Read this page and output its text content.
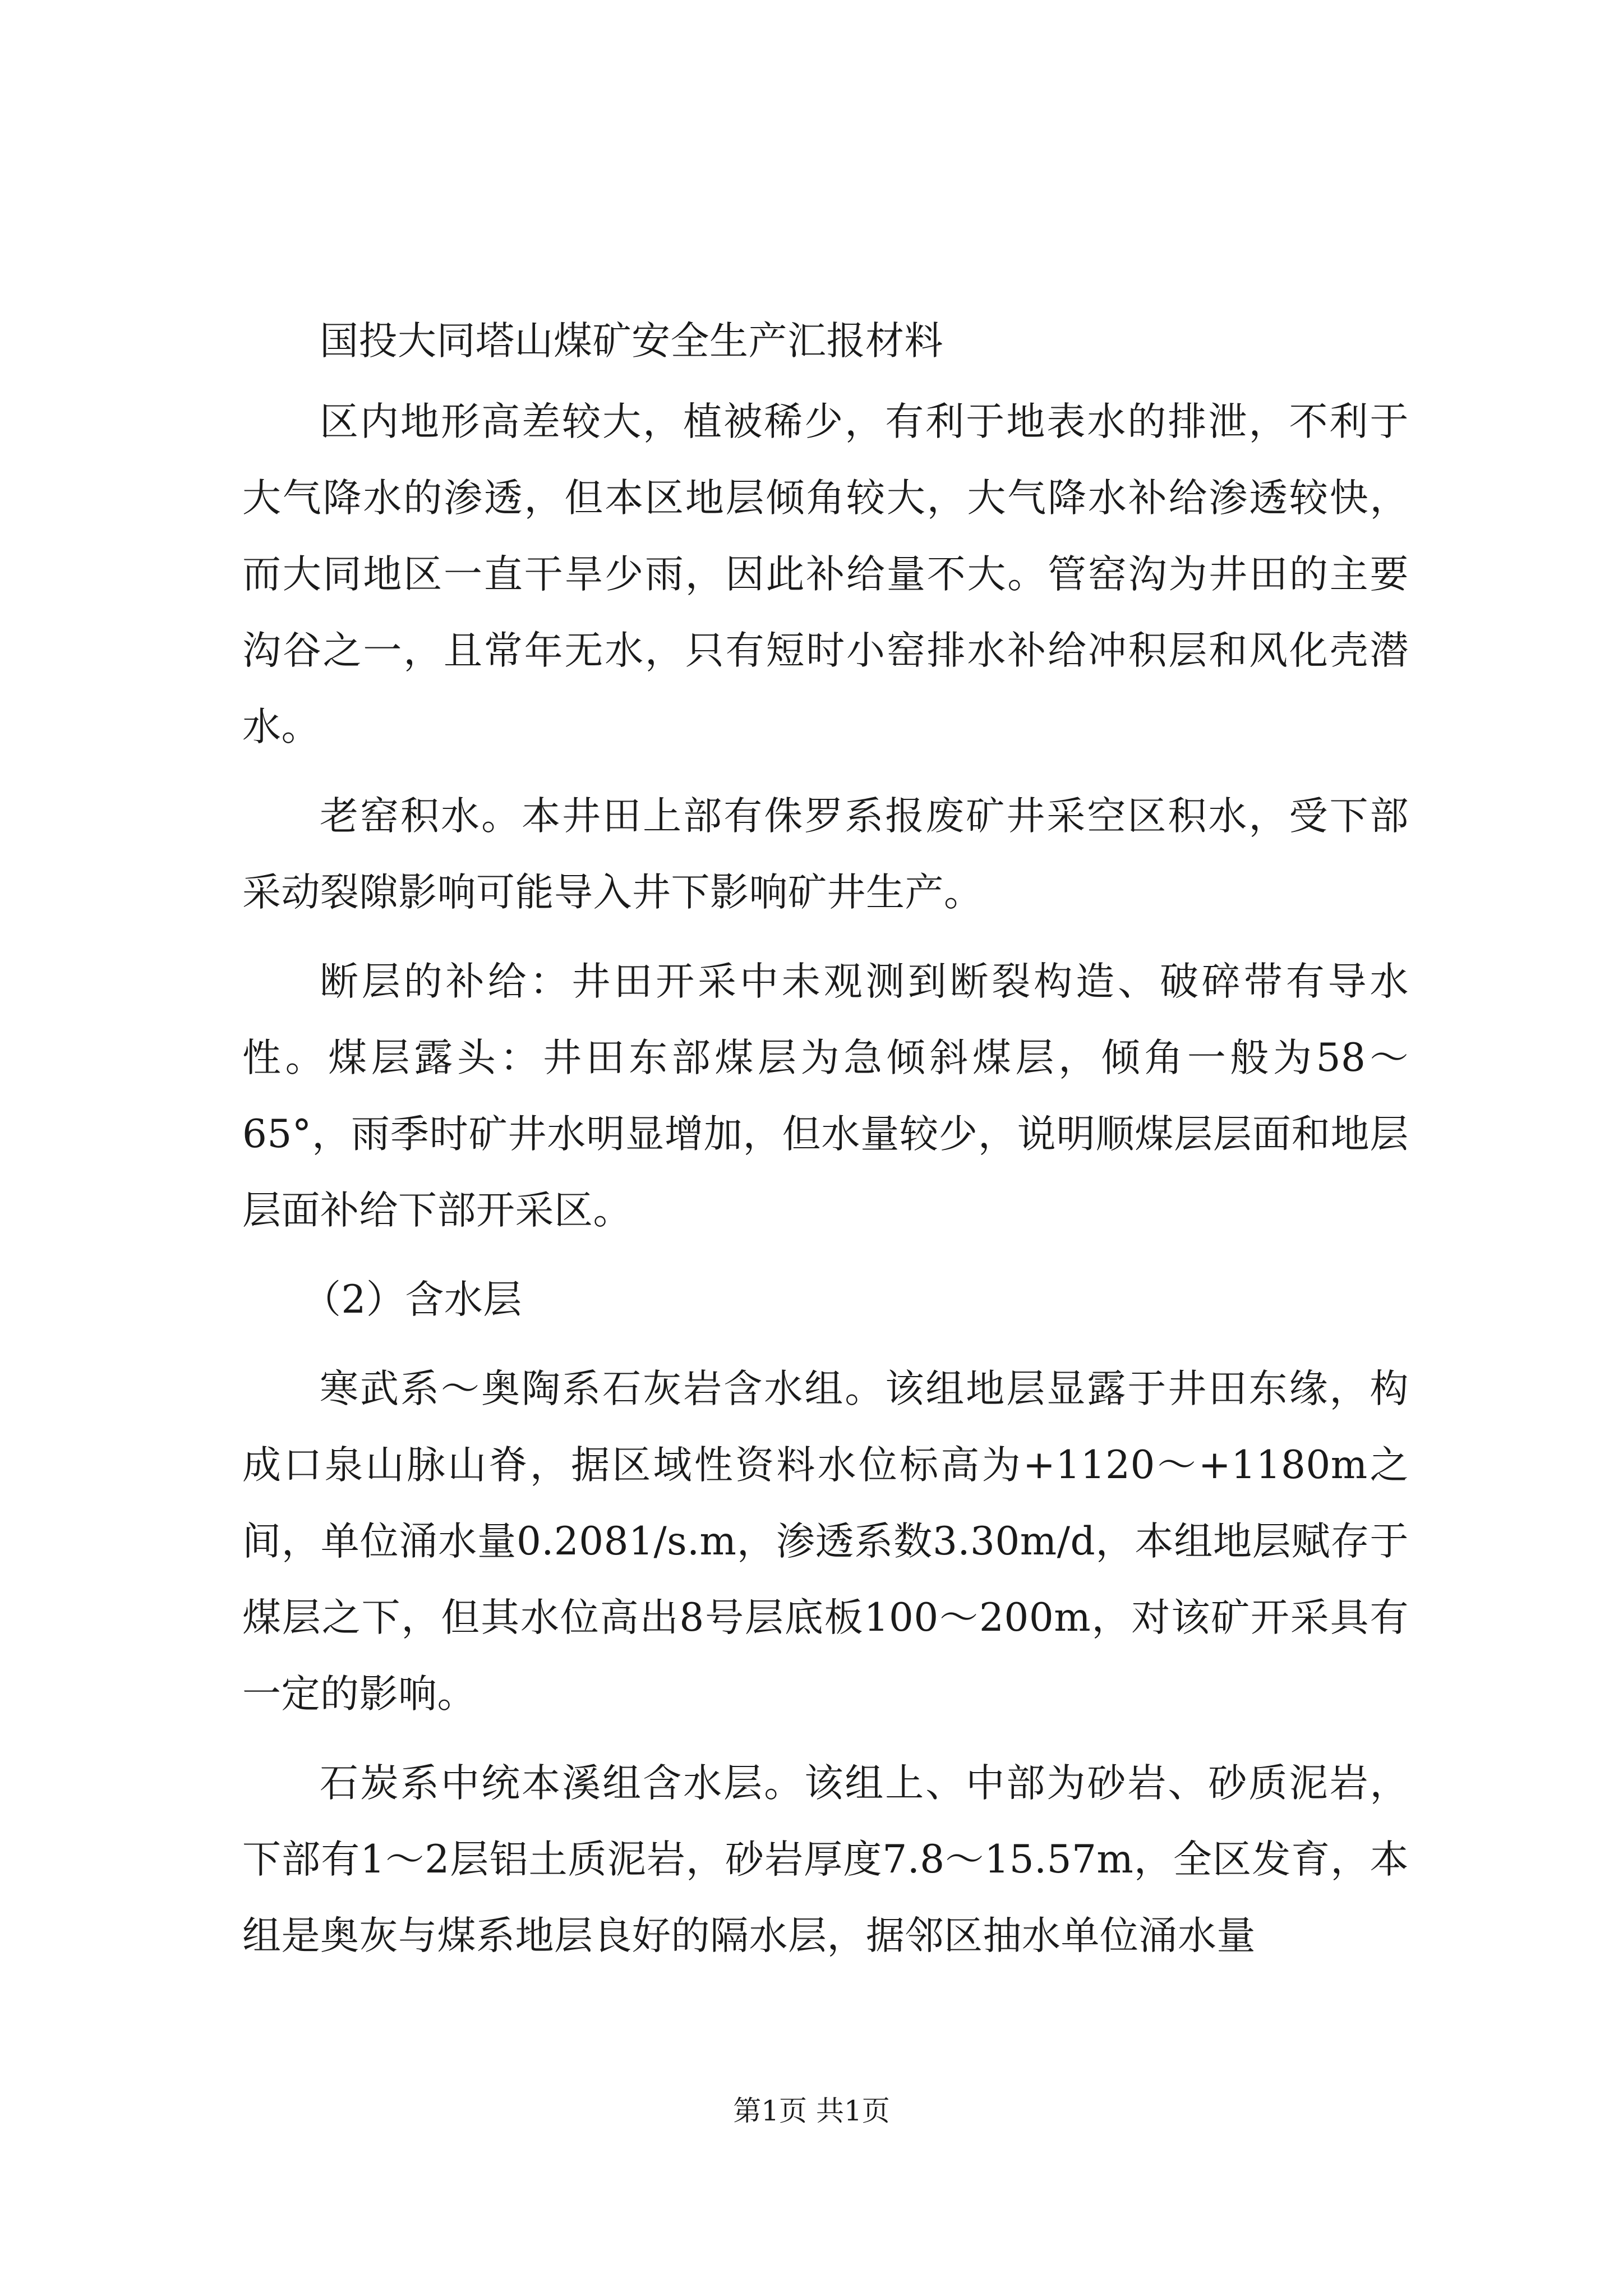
国投大同塔山煤矿安全生产汇报材料

区内地形高差较大，植被稀少，有利于地表水的排泄，不利于大气降水的渗透，但本区地层倾角较大，大气降水补给渗透较快，而大同地区一直干旱少雨，因此补给量不大。管窑沟为井田的主要沟谷之一，且常年无水，只有短时小窑排水补给冲积层和风化壳潜水。

老窑积水。本井田上部有侏罗系报废矿井采空区积水，受下部采动裂隙影响可能导入井下影响矿井生产。

断层的补给：井田开采中未观测到断裂构造、破碎带有导水性。煤层露头：井田东部煤层为急倾斜煤层，倾角一般为58～65°，雨季时矿井水明显增加，但水量较少，说明顺煤层层面和地层层面补给下部开采区。

（2）含水层

寒武系～奥陶系石灰岩含水组。该组地层显露于井田东缘，构成口泉山脉山脊，据区域性资料水位标高为+1120～+1180m之间，单位涌水量0.2081/s.m，渗透系数3.30m/d，本组地层赋存于煤层之下，但其水位高出8号层底板100～200m，对该矿开采具有一定的影响。

石炭系中统本溪组含水层。该组上、中部为砂岩、砂质泥岩，下部有1～2层铝土质泥岩，砂岩厚度7.8～15.57m，全区发育，本组是奥灰与煤系地层良好的隔水层，据邻区抽水单位涌水量

第1页 共1页
